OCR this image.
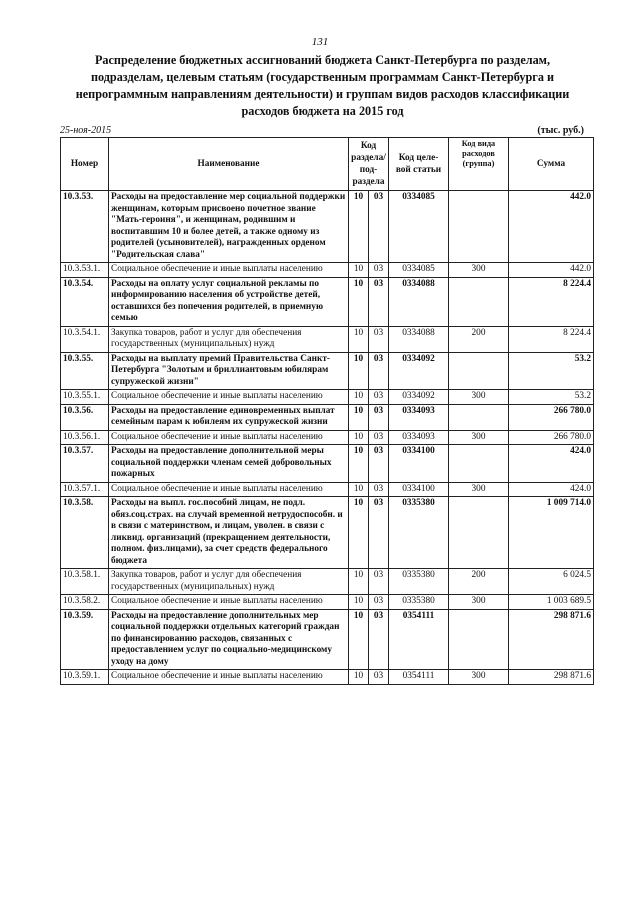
131
Распределение бюджетных ассигнований бюджета Санкт-Петербурга по разделам, подразделам, целевым статьям (государственным программам Санкт-Петербурга и непрограммным направлениям деятельности) и группам видов расходов классификации расходов бюджета на 2015 год
25-ноя-2015	(тыс. руб.)
Номер	Наименование	Код раздела/ под- раздела		Код целе- вой статьи	Код вида расходов (группа)	Сумма
10.3.53.	Расходы на предоставление мер социальной поддержки женщинам, которым присвоено почетное звание "Мать-героиня", и женщинам, родившим и воспитавшим 10 и более детей, а также одному из родителей (усыновителей), награжденных орденом "Родительская слава"	10	03	0334085		442.0
10.3.53.1.	Социальное обеспечение и иные выплаты населению	10	03	0334085	300	442.0
10.3.54.	Расходы на оплату услуг социальной рекламы по информированию населения об устройстве детей, оставшихся без попечения родителей, в приемную семью	10	03	0334088		8 224.4
10.3.54.1.	Закупка товаров, работ и услуг для обеспечения государственных (муниципальных) нужд	10	03	0334088	200	8 224.4
10.3.55.	Расходы на выплату премий Правительства Санкт-Петербурга "Золотым и бриллиантовым юбилярам супружеской жизни"	10	03	0334092		53.2
10.3.55.1.	Социальное обеспечение и иные выплаты населению	10	03	0334092	300	53.2
10.3.56.	Расходы на предоставление единовременных выплат семейным парам к юбилеям их супружеской жизни	10	03	0334093		266 780.0
10.3.56.1.	Социальное обеспечение и иные выплаты населению	10	03	0334093	300	266 780.0
10.3.57.	Расходы на предоставление дополнительной меры социальной поддержки членам семей добровольных пожарных	10	03	0334100		424.0
10.3.57.1.	Социальное обеспечение и иные выплаты населению	10	03	0334100	300	424.0
10.3.58.	Расходы на выпл. гос.пособий лицам, не подл. обяз.соц.страх. на случай временной нетрудоспособн. и в связи с материнством, и лицам, уволен. в связи с ликвид. организаций (прекращением деятельности, полном. физ.лицами), за счет средств федерального бюджета	10	03	0335380		1 009 714.0
10.3.58.1.	Закупка товаров, работ и услуг для обеспечения государственных (муниципальных) нужд	10	03	0335380	200	6 024.5
10.3.58.2.	Социальное обеспечение и иные выплаты населению	10	03	0335380	300	1 003 689.5
10.3.59.	Расходы на предоставление дополнительных мер социальной поддержки отдельных категорий граждан по финансированию расходов, связанных с предоставлением услуг по социально-медицинскому уходу на дому	10	03	0354111		298 871.6
10.3.59.1.	Социальное обеспечение и иные выплаты населению	10	03	0354111	300	298 871.6
